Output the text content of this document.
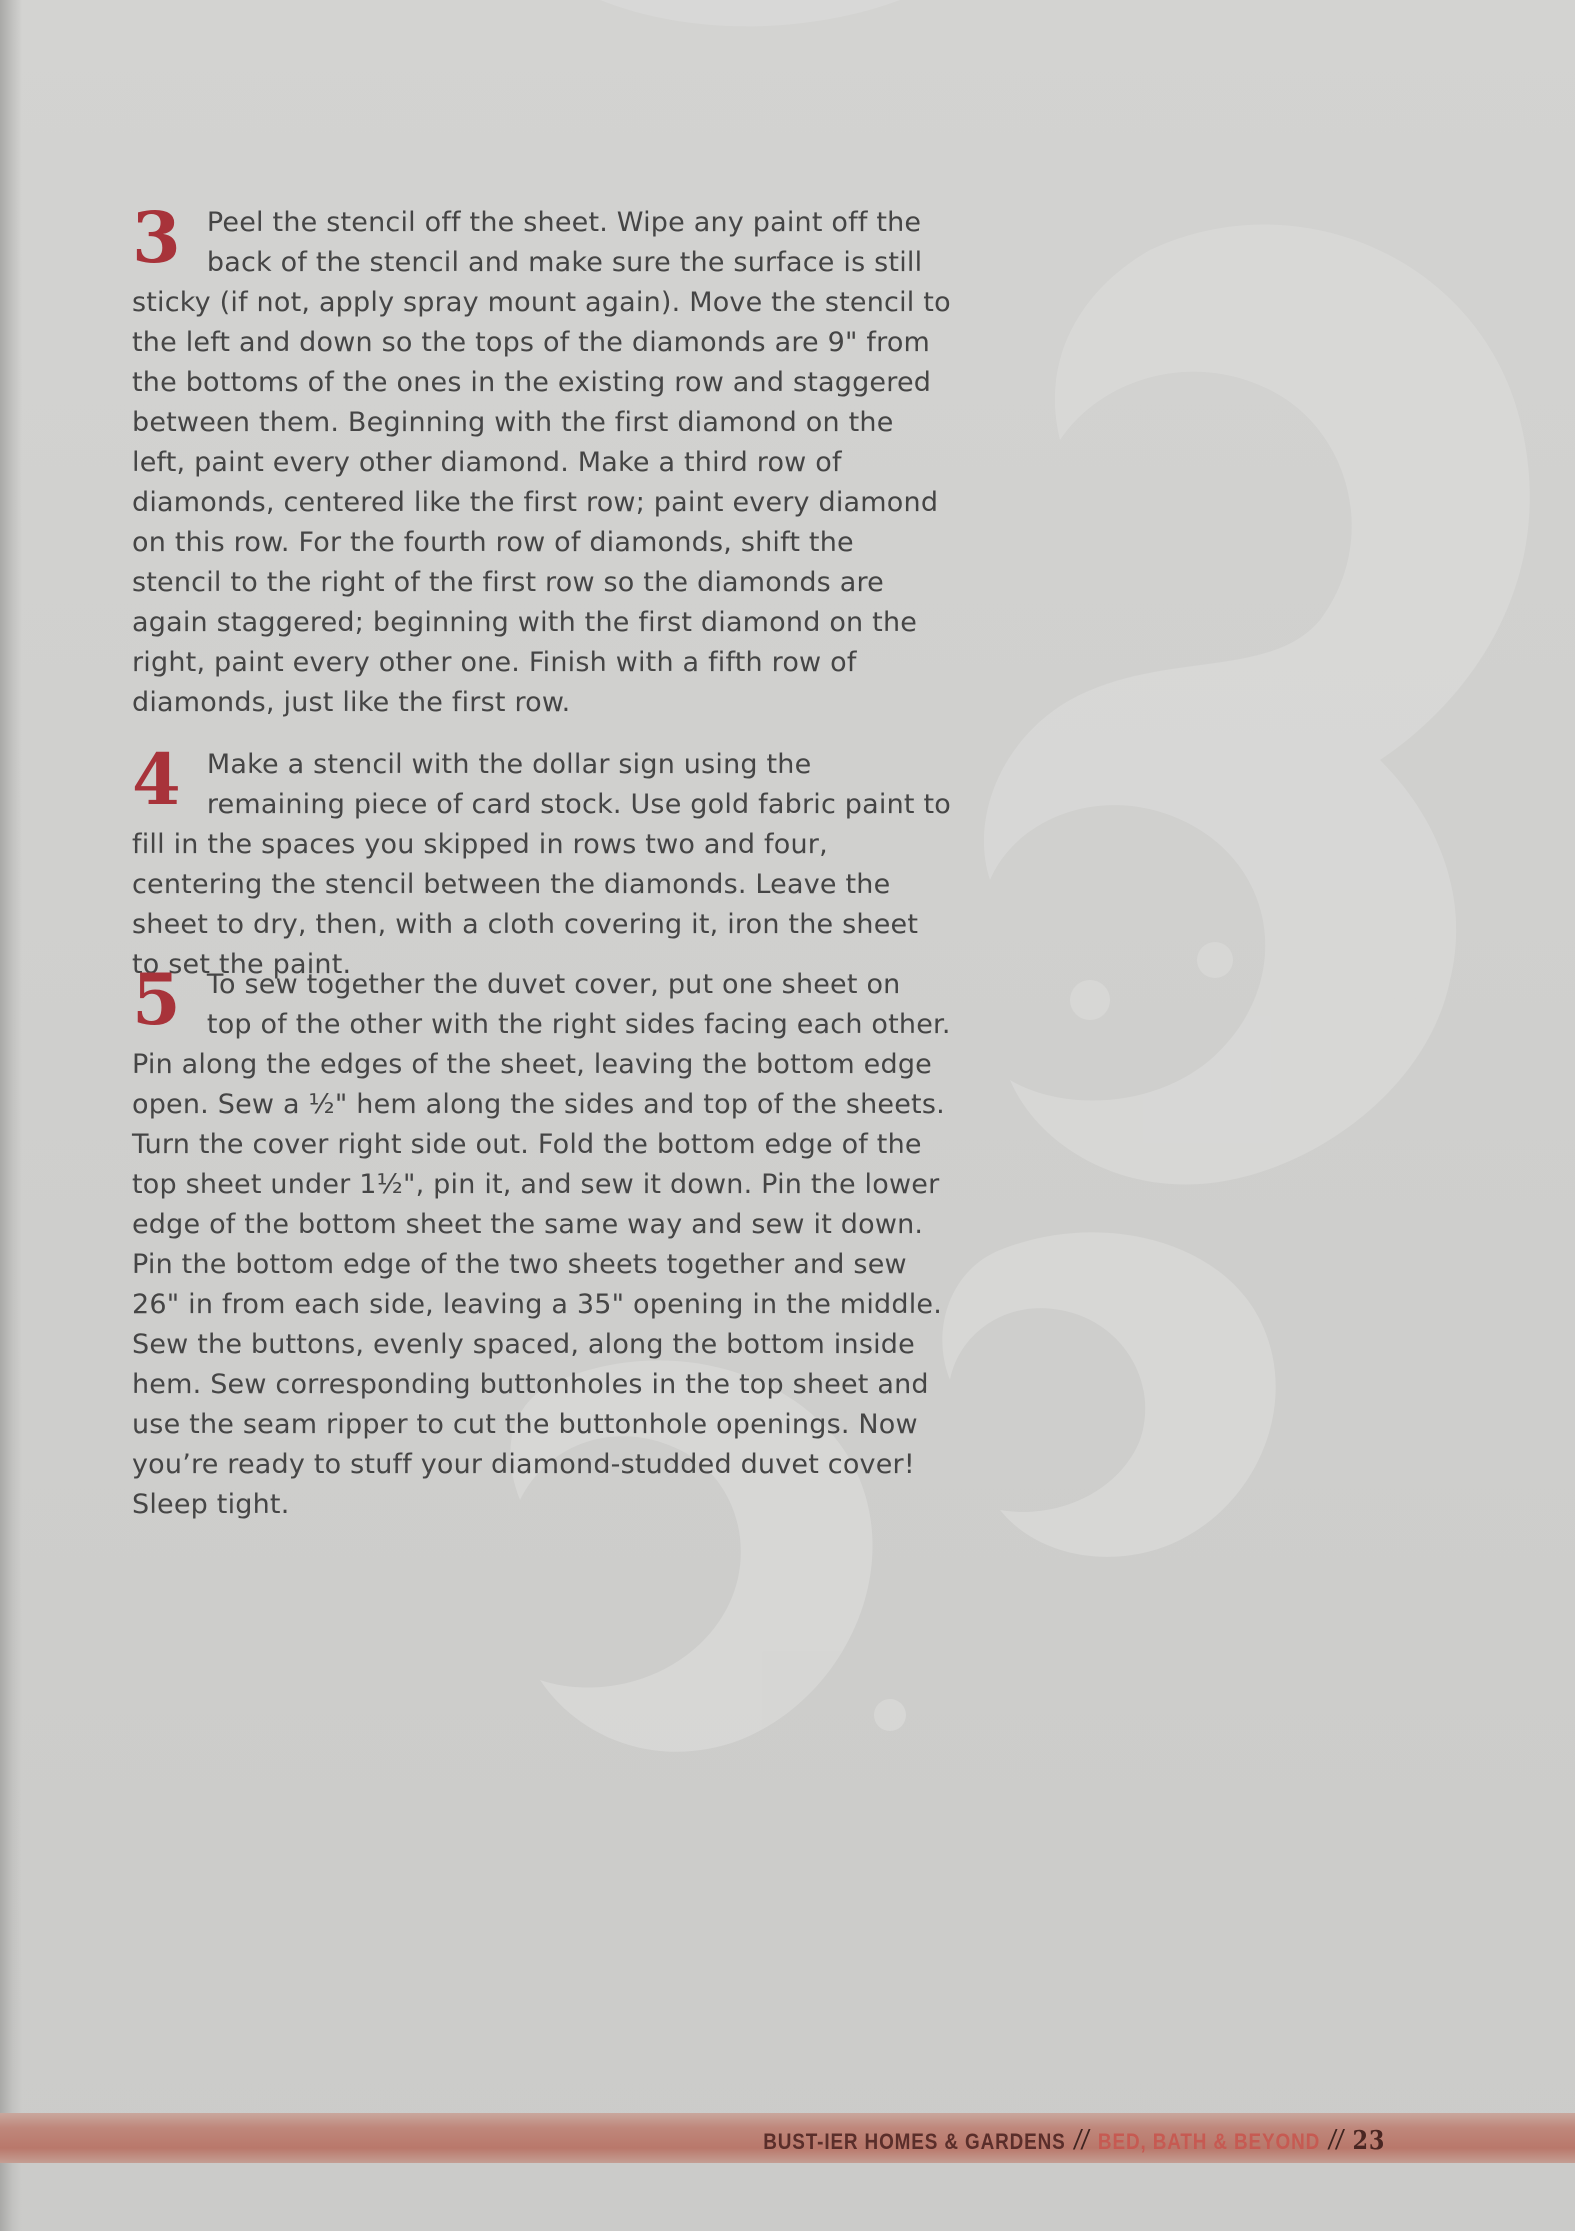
3 Peel the stencil off the sheet. Wipe any paint off the back of the stencil and make sure the surface is still sticky (if not, apply spray mount again). Move the stencil to the left and down so the tops of the diamonds are 9" from the bottoms of the ones in the existing row and staggered between them. Beginning with the first diamond on the left, paint every other diamond. Make a third row of diamonds, centered like the first row; paint every diamond on this row. For the fourth row of diamonds, shift the stencil to the right of the first row so the diamonds are again staggered; beginning with the first diamond on the right, paint every other one. Finish with a fifth row of diamonds, just like the first row.

4 Make a stencil with the dollar sign using the remaining piece of card stock. Use gold fabric paint to fill in the spaces you skipped in rows two and four, centering the stencil between the diamonds. Leave the sheet to dry, then, with a cloth covering it, iron the sheet to set the paint.

5 To sew together the duvet cover, put one sheet on top of the other with the right sides facing each other. Pin along the edges of the sheet, leaving the bottom edge open. Sew a ½" hem along the sides and top of the sheets. Turn the cover right side out. Fold the bottom edge of the top sheet under 1½", pin it, and sew it down. Pin the lower edge of the bottom sheet the same way and sew it down. Pin the bottom edge of the two sheets together and sew 26" in from each side, leaving a 35" opening in the middle. Sew the buttons, evenly spaced, along the bottom inside hem. Sew corresponding buttonholes in the top sheet and use the seam ripper to cut the buttonhole openings. Now you’re ready to stuff your diamond-studded duvet cover! Sleep tight.

BUST-IER HOMES & GARDENS // BED, BATH & BEYOND // 23
